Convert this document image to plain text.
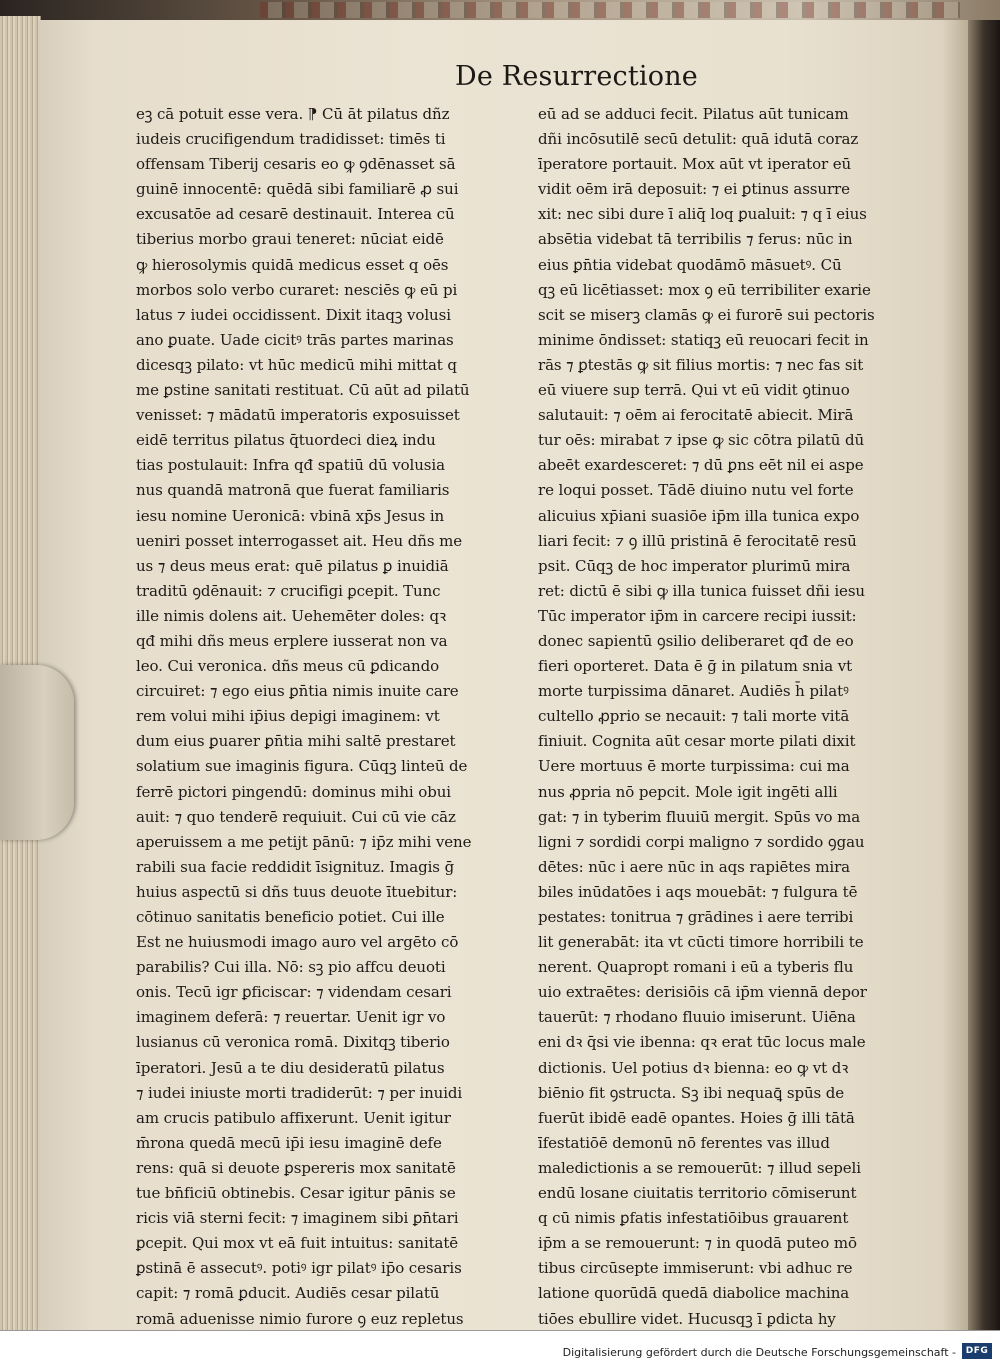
De Resurrectione
eꝫ cā potuit esse vera. ⁋ Cū āt pilatus dñz
iudeis crucifigendum tradidisset: timēs ti
offensam Tiberij cesaris eo ꝙ ꝯdēnasset sā
guinē innocentē: quēdā sibi familiarē ꝓ sui
excusatōe ad cesarē destinauit. Interea cū
tiberius morbo graui teneret: nūciat eidē
ꝙ hierosolymis quidā medicus esset q oēs
morbos solo verbo curaret: nesciēs ꝙ eū pi
latus ⁊ iudei occidissent. Dixit itaqꝫ volusi
ano ꝑuate. Uade cicitꝰ trās partes marinas
dicesqꝫ pilato: vt hūc medicū mihi mittat q
me ꝑstine sanitati restituat. Cū aūt ad pilatū
venisset: ⁊ mādatū imperatoris exposuisset
eidē territus pilatus q̄tuordeci dieꝝ indu
tias postulauit: Infra qđ spatiū dū volusia
nus quandā matronā que fuerat familiaris
iesu nomine Ueronicā: vbinā xp̄s Jesus in
ueniri posset interrogasset ait. Heu dñs me
us ⁊ deus meus erat: quē pilatus ꝑ inuidiā
traditū ꝯdēnauit: ⁊ crucifigi ꝑcepit. Tunc
ille nimis dolens ait. Uehemēter doles: qꝛ
qđ mihi dñs meus erplere iusserat non va
leo. Cui veronica. dñs meus cū ꝑdicando
circuiret: ⁊ ego eius ꝑn̄tia nimis inuite care
rem volui mihi ip̄ius depigi imaginem: vt
dum eius ꝑuarer ꝑn̄tia mihi saltē prestaret
solatium sue imaginis figura. Cūqꝫ linteū de
ferrē pictori pingendū: dominus mihi obui
auit: ⁊ quo tenderē requiuit. Cui cū vie cāz
aperuissem a me petijt pānū: ⁊ ip̄z mihi vene
rabili sua facie reddidit īsignituz. Imagis ḡ
huius aspectū si dñs tuus deuote ītuebitur:
cōtinuo sanitatis beneficio potiet. Cui ille
Est ne huiusmodi imago auro vel argēto cō
parabilis? Cui illa. Nō: sꝫ pio affcu deuoti
onis. Tecū igr ꝑficiscar: ⁊ videndam cesari
imaginem deferā: ⁊ reuertar. Uenit igr vo
lusianus cū veronica romā. Dixitqꝫ tiberio
īperatori. Jesū a te diu desideratū pilatus
⁊ iudei iniuste morti tradiderūt: ⁊ per inuidi
am crucis patibulo affixerunt. Uenit igitur
m̄rona quedā mecū ip̄i iesu imaginē defe
rens: quā si deuote ꝑspereris mox sanitatē
tue bn̄ficiū obtinebis. Cesar igitur pānis se
ricis viā sterni fecit: ⁊ imaginem sibi ꝑn̄tari
ꝑcepit. Qui mox vt eā fuit intuitus: sanitatē
ꝑstinā ē assecutꝰ. potiꝰ igr pilatꝰ ip̄o cesaris
capit: ⁊ romā ꝑducit. Audiēs cesar pilatū
romā aduenisse nimio furore ꝯ euz repletus
eū ad se adduci fecit. Pilatus aūt tunicam
dñi incōsutilē secū detulit: quā idutā coraz
īperatore portauit. Mox aūt vt iperator eū
vidit oēm irā deposuit: ⁊ ei ꝑtinus assurre
xit: nec sibi dure ī aliq̄ loq ꝑualuit: ⁊ q ī eius
absētia videbat tā terribilis ⁊ ferus: nūc in
eius ꝑn̄tia videbat quodāmō māsuetꝰ. Cū
qꝫ eū licētiasset: mox ꝯ eū terribiliter exarie
scit se miserꝫ clamās ꝙ ei furorē sui pectoris
minime ōndisset: statiqꝫ eū reuocari fecit in
rās ⁊ ꝑtestās ꝙ sit filius mortis: ⁊ nec fas sit
eū viuere sup terrā. Qui vt eū vidit ꝯtinuo
salutauit: ⁊ oēm ai ferocitatē abiecit. Mirā
tur oēs: mirabat ⁊ ipse ꝙ sic cōtra pilatū dū
abeēt exardesceret: ⁊ dū ꝑns eēt nil ei aspe
re loqui posset. Tādē diuino nutu vel forte
alicuius xp̄iani suasiōe ip̄m illa tunica expo
liari fecit: ⁊ ꝯ illū pristinā ē ferocitatē resū
psit. Cūqꝫ de hoc imperator plurimū mira
ret: dictū ē sibi ꝙ illa tunica fuisset dñi iesu
Tūc imperator ip̄m in carcere recipi iussit:
donec sapientū ꝯsilio deliberaret qđ de eo
fieri oporteret. Data ē ḡ in pilatum snia vt
morte turpissima dānaret. Audiēs h̄ pilatꝰ
cultello ꝓprio se necauit: ⁊ tali morte vitā
finiuit. Cognita aūt cesar morte pilati dixit
Uere mortuus ē morte turpissima: cui ma
nus ꝓpria nō pepcit. Mole igit ingēti alli
gat: ⁊ in tyberim fluuiū mergit. Spūs vo ma
ligni ⁊ sordidi corpi maligno ⁊ sordido ꝯgau
dētes: nūc i aere nūc in aqs rapiētes mira
biles inūdatōes i aqs mouebāt: ⁊ fulgura tē
pestates: tonitrua ⁊ grādines i aere terribi
lit generabāt: ita vt cūcti timore horribili te
nerent. Quapropt romani i eū a tyberis flu
uio extraētes: derisiōis cā ip̄m viennā depor
tauerūt: ⁊ rhodano fluuio imiserunt. Uiēna
eni dꝛ q̄si vie ibenna: qꝛ erat tūc locus male
dictionis. Uel potius dꝛ bienna: eo ꝙ vt dꝛ
biēnio fit ꝯstructa. Sꝫ ibi nequaꝗ̄ spūs de
fuerūt ibidē eadē opantes. Hoies ḡ illi tātā
īfestatiōē demonū nō ferentes vas illud
maledictionis a se remouerūt: ⁊ illud sepeli
endū losane ciuitatis territorio cōmiserunt
q cū nimis ꝑfatis infestatiōibus grauarent
ip̄m a se remouerunt: ⁊ in quodā puteo mō
tibus circūsepte immiserunt: vbi adhuc re
latione quorūdā quedā diabolice machina
tiōes ebullire videt. Hucusqꝫ ī ꝑdicta hy
Digitalisierung gefördert durch die Deutsche Forschungsgemeinschaft -	DFG
